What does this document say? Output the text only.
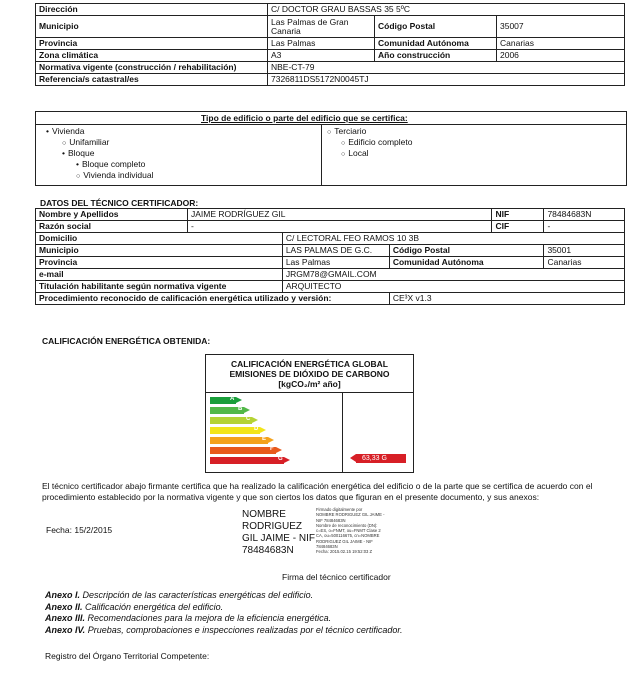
Dirección	C/ DOCTOR GRAU BASSAS 35 5ºC		
Municipio	Las Palmas de Gran Canaria	Código Postal	35007
Provincia	Las Palmas	Comunidad Autónoma	Canarias
Zona climática	A3	Año construcción	2006
Normativa vigente (construcción / rehabilitación)	NBE-CT-79		
Referencia/s catastral/es	7326811DS5172N0045TJ		
Tipo de edificio o parte del edificio que se certifica:
• Vivienda
○ Unifamiliar
• Bloque
• Bloque completo
○ Vivienda individual
○ Terciario
○ Edificio completo
○ Local
DATOS DEL TÉCNICO CERTIFICADOR:
Nombre y Apellidos	JAIME RODRÍGUEZ GIL			NIF	78484683N
Razón social	-			CIF	-
Domicilio		C/ LECTORAL FEO RAMOS 10 3B			
Municipio		LAS PALMAS DE G.C.	Código Postal		35001
Provincia		Las Palmas	Comunidad Autónoma		Canarias
e-mail		JRGM78@GMAIL.COM			
Titulación habilitante según normativa vigente		ARQUITECTO			
Procedimiento reconocido de calificación energética utilizado y versión:			CE³X v1.3		
CALIFICACIÓN ENERGÉTICA OBTENIDA:
CALIFICACIÓN ENERGÉTICA GLOBAL
EMISIONES DE DIÓXIDO DE CARBONO
[kgCO₂/m² año]
A
B
C
D
E
F
G	63,33 G
El técnico certificador abajo firmante certifica que ha realizado la calificación energética del edificio o de la parte que se certifica de acuerdo con el procedimiento establecido por la normativa vigente y que son ciertos los datos que figuran en el presente documento, y sus anexos:
Fecha: 15/2/2015
NOMBRE
RODRIGUEZ
GIL JAIME - NIF
78484683N
Firmado digitalmente por
NOMBRE RODRIGUEZ GIL JAIME -
NIF 78484683N
Nombre de reconocimiento (DN):
c=ES, o=FNMT, ou=FNMT Clase 2
CA, ou=500116675, cn=NOMBRE
RODRIGUEZ GIL JAIME - NIF
78484683N
Fecha: 2015.02.15 19:52:03 Z
Firma del técnico certificador
Anexo I. Descripción de las características energéticas del edificio.
Anexo II. Calificación energética del edificio.
Anexo III. Recomendaciones para la mejora de la eficiencia energética.
Anexo IV. Pruebas, comprobaciones e inspecciones realizadas por el técnico certificador.
Registro del Órgano Territorial Competente:
